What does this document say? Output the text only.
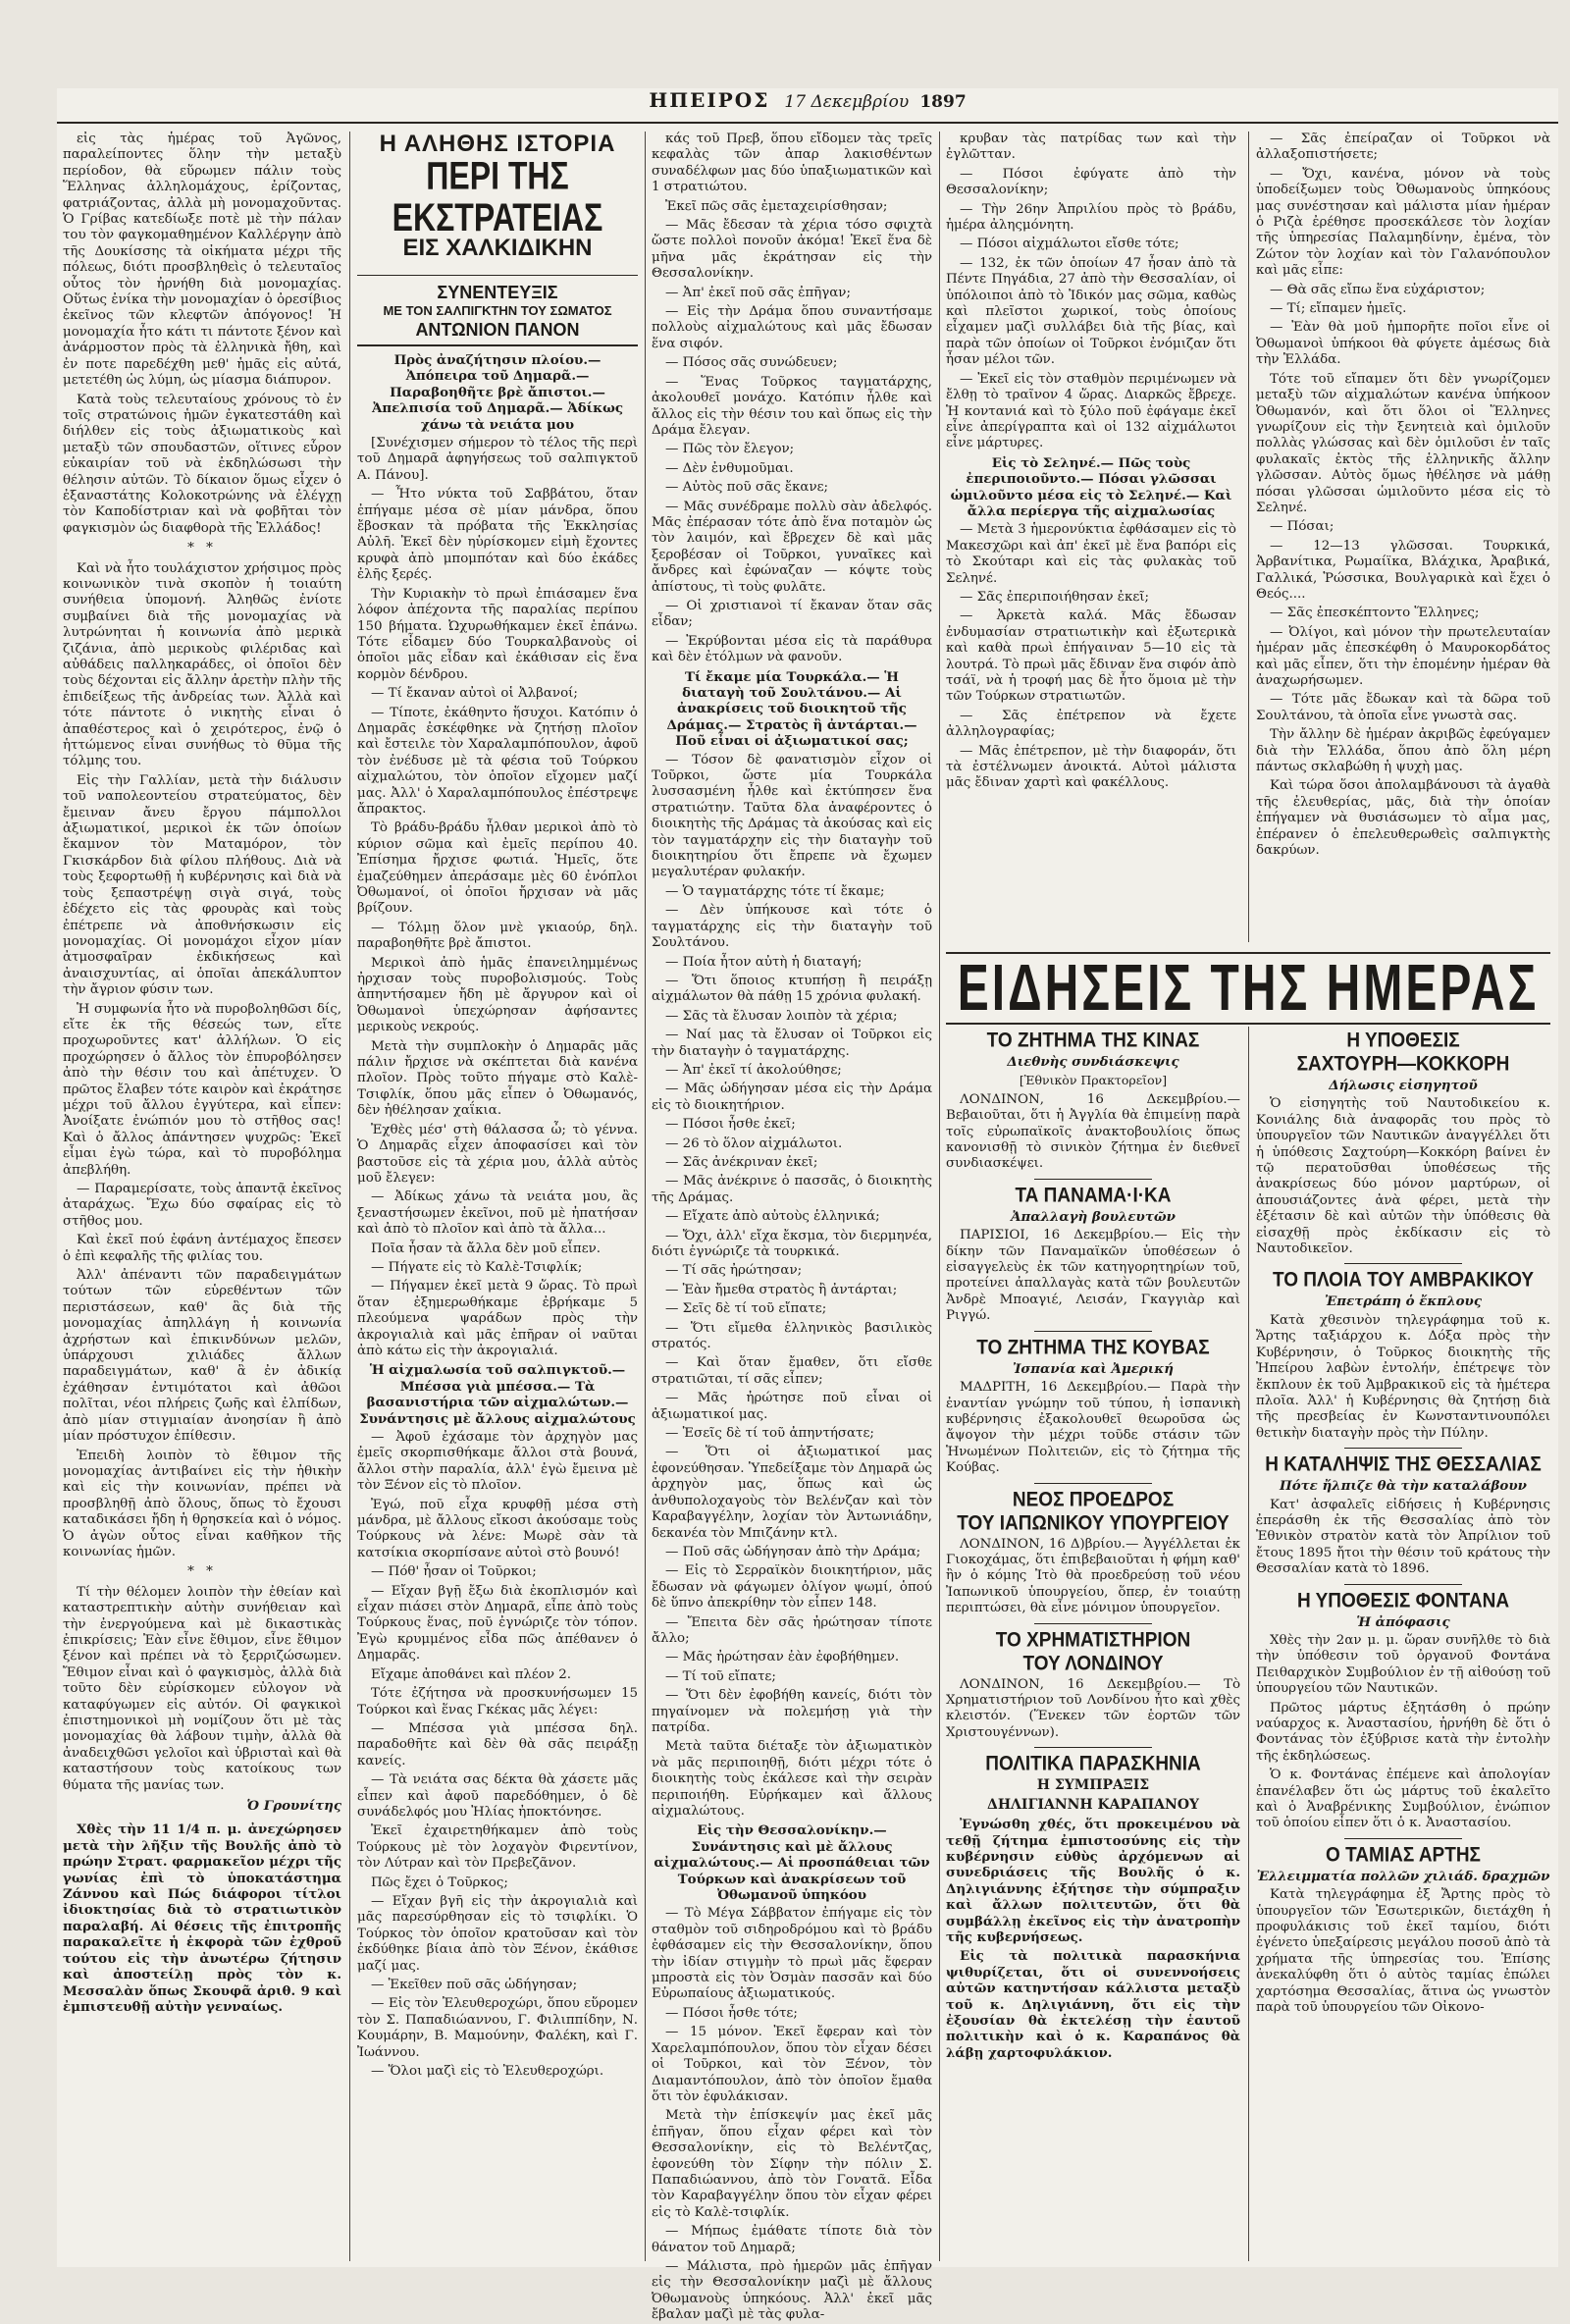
ΗΠΕΙΡΟΣ 17 Δεκεμβρίου 1897

εἰς τὰς ἡμέρας τοῦ Ἀγῶνος, παραλείποντες ὅλην τὴν μεταξὺ περίοδον, θὰ εὕρωμεν πάλιν τοὺς Ἕλληνας ἀλληλομάχους, ἐρίζοντας, φατριάζοντας, ἀλλὰ μὴ μονομαχοῦντας. Ὁ Γρίβας κατεδίωξε ποτὲ μὲ τὴν πάλαν του τὸν φαγκομαθημένον Καλλέργην ἀπὸ τῆς Δουκίσσης τὰ οἰκήματα μέχρι τῆς πόλεως, διότι προσβληθεὶς ὁ τελευταῖος οὗτος τὸν ἠρνήθη διὰ μονομαχίας. Οὕτως ἐνίκα τὴν μονομαχίαν ὁ ὀρεσίβιος ἐκεῖνος τῶν κλεφτῶν ἀπόγονος! Ἡ μονομαχία ἦτο κάτι τι πάντοτε ξένον καὶ ἀνάρμοστον πρὸς τὰ ἑλληνικὰ ἤθη, καὶ ἐν ποτε παρεδέχθη μεθ' ἡμᾶς εἰς αὐτά, μετετέθη ὡς λύμη, ὡς μίασμα διάπυρον.

Κατὰ τοὺς τελευταίους χρόνους τὸ ἐν τοῖς στρατώνοις ἡμῶν ἐγκατεστάθη καὶ διήλθεν εἰς τοὺς ἀξιωματικοὺς καὶ μεταξὺ τῶν σπουδαστῶν, οἵτινες εὗρον εὐκαιρίαν τοῦ νὰ ἐκδηλώσωσι τὴν θέλησιν αὐτῶν. Τὸ δίκαιον ὅμως εἶχεν ὁ ἐξαναστάτης Κολοκοτρώνης νὰ ἐλέγχῃ τὸν Καποδίστριαν καὶ νὰ φοβῆται τὸν φαγκισμὸν ὡς διαφθορὰ τῆς Ἑλλάδος!

* *

Καὶ νὰ ἦτο τουλάχιστον χρήσιμος πρὸς κοινωνικὸν τινὰ σκοπὸν ἡ τοιαύτη συνήθεια ὑπομονή. Ἀληθῶς ἐνίοτε συμβαίνει διὰ τῆς μονομαχίας νὰ λυτρώνηται ἡ κοινωνία ἀπὸ μερικὰ ζιζάνια, ἀπὸ μερικοὺς φιλέριδας καὶ αὐθάδεις παλληκαράδες, οἱ ὁποῖοι δὲν τοὺς δέχονται εἰς ἄλλην ἀρετὴν πλὴν τῆς ἐπιδείξεως τῆς ἀνδρείας των. Ἀλλὰ καὶ τότε πάντοτε ὁ νικητὴς εἶναι ὁ ἀπαθέστερος καὶ ὁ χειρότερος, ἐνῷ ὁ ἡττώμενος εἶναι συνήθως τὸ θῦμα τῆς τόλμης του.

Εἰς τὴν Γαλλίαν, μετὰ τὴν διάλυσιν τοῦ ναπολεοντείου στρατεύματος, δὲν ἔμειναν ἄνευ ἔργου πάμπολλοι ἀξιωματικοί, μερικοὶ ἐκ τῶν ὁποίων ἔκαμνον τὸν Ματαμόρον, τὸν Γκισκάρδον διὰ φίλου πλήθους. Διὰ νὰ τοὺς ξεφορτωθῇ ἡ κυβέρνησις καὶ διὰ νὰ τοὺς ξεπαστρέψῃ σιγὰ σιγά, τοὺς ἐδέχετο εἰς τὰς φρουρὰς καὶ τοὺς ἐπέτρεπε νὰ ἀποθνήσκωσιν εἰς μονομαχίας. Οἱ μονομάχοι εἶχον μίαν ἀτμοσφαῖραν ἐκδικήσεως καὶ ἀναισχυντίας, αἱ ὁποῖαι ἀπεκάλυπτον τὴν ἄγριον φύσιν των.

Ἡ συμφωνία ἦτο νὰ πυροβοληθῶσι δίς, εἴτε ἐκ τῆς θέσεώς των, εἴτε προχωροῦντες κατ' ἀλλήλων. Ὁ εἰς προχώρησεν ὁ ἄλλος τὸν ἐπυροβόλησεν ἀπὸ τὴν θέσιν του καὶ ἀπέτυχεν. Ὁ πρῶτος ἔλαβεν τότε καιρὸν καὶ ἐκράτησε μέχρι τοῦ ἄλλου ἐγγύτερα, καὶ εἶπεν: Ἀνοίξατε ἐνώπιόν μου τὸ στῆθος σας! Καὶ ὁ ἄλλος ἀπάντησεν ψυχρῶς: Ἐκεῖ εἶμαι ἐγὼ τώρα, καὶ τὸ πυροβόλημα ἀπεβλήθη.

— Παραμερίσατε, τοὺς ἀπαντᾷ ἐκεῖνος ἀταράχως. Ἔχω δύο σφαίρας εἰς τὸ στῆθος μου.

Καὶ ἐκεῖ πού ἐφάνη ἀντέμαχος ἔπεσεν ὁ ἐπὶ κεφαλῆς τῆς φιλίας του.

Ἀλλ' ἀπέναντι τῶν παραδειγμάτων τούτων τῶν εὑρεθέντων τῶν περιστάσεων, καθ' ἃς διὰ τῆς μονομαχίας ἀπηλλάγη ἡ κοινωνία ἀχρήστων καὶ ἐπικινδύνων μελῶν, ὑπάρχουσι χιλιάδες ἄλλων παραδειγμάτων, καθ' ἃ ἐν ἀδικίᾳ ἐχάθησαν ἐντιμότατοι καὶ ἀθῶοι πολῖται, νέοι πλήρεις ζωῆς καὶ ἐλπίδων, ἀπὸ μίαν στιγμιαίαν ἀνοησίαν ἢ ἀπὸ μίαν πρόστυχον ἐπίθεσιν.

Ἐπειδὴ λοιπὸν τὸ ἔθιμον τῆς μονομαχίας ἀντιβαίνει εἰς τὴν ἠθικὴν καὶ εἰς τὴν κοινωνίαν, πρέπει νὰ προσβληθῇ ἀπὸ ὅλους, ὅπως τὸ ἔχουσι καταδικάσει ἤδη ἡ θρησκεία καὶ ὁ νόμος. Ὁ ἀγὼν οὗτος εἶναι καθῆκον τῆς κοινωνίας ἡμῶν.

* *

Τί τὴν θέλομεν λοιπὸν τὴν ἐθείαν καὶ καταστρεπτικὴν αὐτὴν συνήθειαν καὶ τὴν ἐνεργούμενα καὶ μὲ δικαστικὰς ἐπικρίσεις; Ἐὰν εἶνε ἔθιμον, εἶνε ἔθιμον ξένον καὶ πρέπει νὰ τὸ ξερριζώσωμεν. Ἔθιμον εἶναι καὶ ὁ φαγκισμὸς, ἀλλὰ διὰ τοῦτο δὲν εὑρίσκομεν εὐλογον νὰ καταφύγωμεν εἰς αὐτόν. Οἱ φαγκικοὶ ἐπιστημονικοὶ μὴ νομίζουν ὅτι μὲ τὰς μονομαχίας θὰ λάβουν τιμὴν, ἀλλὰ θὰ ἀναδειχθῶσι γελοῖοι καὶ ὑβρισταὶ καὶ θὰ καταστήσουν τοὺς κατοίκους των θύματα τῆς μανίας των.

Ὁ Γρουνίτης

Χθὲς τὴν 11 1/4 π. μ. ἀνεχώρησεν μετὰ τὴν λῆξιν τῆς Βουλῆς ἀπὸ τὸ πρώην Στρατ. φαρμακεῖον μέχρι τῆς γωνίας ἐπὶ τὸ ὑποκατάστημα Ζάννου καὶ Πώς διάφοροι τίτλοι ἰδιοκτησίας διὰ τὸ στρατιωτικὸν παραλαβή. Αἱ θέσεις τῆς ἐπιτροπῆς παρακαλεῖτε ἡ ἐκφορὰ τῶν ἐχθροῦ τούτου εἰς τὴν ἀνωτέρω ζήτησιν καὶ ἀποστείλῃ πρὸς τὸν κ. Μεσσαλὰν ὅπως Σκουφᾶ ἀριθ. 9 καὶ ἐμπιστευθῇ αὐτὴν γενναίως.

Η ΑΛΗΘΗΣ ΙΣΤΟΡΙΑ
ΠΕΡΙ ΤΗΣ ΕΚΣΤΡΑΤΕΙΑΣ
ΕΙΣ ΧΑΛΚΙΔΙΚΗΝ
ΣΥΝΕΝΤΕΥΞΙΣ
ΜΕ ΤΟΝ ΣΑΛΠΙΓΚΤΗΝ ΤΟΥ ΣΩΜΑΤΟΣ
ΑΝΤΩΝΙΟΝ ΠΑΝΟΝ

Πρὸς ἀναζήτησιν πλοίου.— Ἀπόπειρα τοῦ Δημαρᾶ.— Παραβοηθῆτε βρὲ ἄπιστοι.— Ἀπελπισία τοῦ Δημαρᾶ.— Ἀδίκως χάνω τὰ νειάτα μου

[Συνέχισμεν σήμερον τὸ τέλος τῆς περὶ τοῦ Δημαρᾶ ἀφηγήσεως τοῦ σαλπιγκτοῦ Α. Πάνου].

— Ἦτο νύκτα τοῦ Σαββάτου, ὅταν ἐπήγαμε μέσα σὲ μίαν μάνδρα, ὅπου ἔβοσκαν τὰ πρόβατα τῆς Ἐκκλησίας Αὐλῆ. Ἐκεῖ δὲν ηὑρίσκομεν εἰμὴ ἔχοντες κρυφὰ ἀπὸ μπομπόταν καὶ δύο ἐκάδες ἐλῆς ξερές.

Τὴν Κυριακὴν τὸ πρωὶ ἐπιάσαμεν ἕνα λόφον ἀπέχοντα τῆς παραλίας περίπου 150 βήματα. Ὠχυρωθήκαμεν ἐκεῖ ἐπάνω. Τότε εἶδαμεν δύο Τουρκαλβανοὺς οἱ ὁποῖοι μᾶς εἶδαν καὶ ἐκάθισαν εἰς ἕνα κορμὸν δένδρου.

— Τί ἔκαναν αὐτοὶ οἱ Ἀλβανοί;

— Τίποτε, ἐκάθηντο ἥσυχοι. Κατόπιν ὁ Δημαρᾶς ἐσκέφθηκε νὰ ζητήσῃ πλοῖον καὶ ἔστειλε τὸν Χαραλαμπόπουλον, ἀφοῦ τὸν ἐνέδυσε μὲ τὰ φέσια τοῦ Τούρκου αἰχμαλώτου, τὸν ὁποῖον εἴχομεν μαζί μας. Ἀλλ' ὁ Χαραλαμπόπουλος ἐπέστρεψε ἄπρακτος.

Τὸ βράδυ-βράδυ ἦλθαν μερικοὶ ἀπὸ τὸ κύριον σῶμα καὶ ἐμεῖς περίπου 40. Ἐπίσημα ἤρχισε φωτιά. Ἡμεῖς, ὅτε ἐμαζεύθημεν ἀπεράσαμε μὲς 60 ἐνόπλοι Ὀθωμανοί, οἱ ὁποῖοι ἤρχισαν νὰ μᾶς βρίζουν.

— Τόλμῃ ὅλον μνὲ γκιαούρ, δηλ. παραβοηθῆτε βρὲ ἄπιστοι.

Μερικοὶ ἀπὸ ἡμᾶς ἐπανειλημμένως ἠρχισαν τοὺς πυροβολισμούς. Τοὺς ἀπηντήσαμεν ἤδη μὲ ἄργυρον καὶ οἱ Ὀθωμανοὶ ὑπεχώρησαν ἀφήσαντες μερικοὺς νεκρούς.

Μετὰ τὴν συμπλοκὴν ὁ Δημαρᾶς μᾶς πάλιν ἤρχισε νὰ σκέπτεται διὰ κανένα πλοῖον. Πρὸς τοῦτο πήγαμε στὸ Καλὲ-Τσιφλίκ, ὅπου μᾶς εἶπεν ὁ Ὀθωμανός, δὲν ἠθέλησαν χαΐκια.

Ἐχθὲς μέσ' στὴ θάλασσα ὦ; τὸ γέννα. Ὁ Δημαρᾶς εἶχεν ἀποφασίσει καὶ τὸν βαστοῦσε εἰς τὰ χέρια μου, ἀλλὰ αὐτὸς μοῦ ἔλεγεν:

— Ἀδίκως χάνω τὰ νειάτα μου, ἂς ξεναστήσωμεν ἐκεῖνοι, ποῦ μὲ ἠπατήσαν καὶ ἀπὸ τὸ πλοῖον καὶ ἀπὸ τὰ ἄλλα...

Ποῖα ἦσαν τὰ ἄλλα δὲν μοῦ εἶπεν.

— Πήγατε εἰς τὸ Καλὲ-Τσιφλίκ;

— Πήγαμεν ἐκεῖ μετὰ 9 ὥρας. Τὸ πρωὶ ὅταν ἐξημερωθήκαμε ἐβρήκαμε 5 πλεούμενα ψαράδων πρὸς τὴν ἀκρογιαλιὰ καὶ μᾶς ἐπῆραν οἱ ναῦται ἀπὸ κάτω εἰς τὴν ἀκρογιαλιά.

Ἡ αἰχμαλωσία τοῦ σαλπιγκτοῦ.— Μπέσσα γιὰ μπέσσα.— Τὰ βασανιστήρια τῶν αἰχμαλώτων.— Συνάντησις μὲ ἄλλους αἰχμαλώτους

— Ἀφοῦ ἐχάσαμε τὸν ἀρχηγὸν μας ἐμεῖς σκορπισθήκαμε ἄλλοι στὰ βουνά, ἄλλοι στὴν παραλία, ἀλλ' ἐγὼ ἔμεινα μὲ τὸν Ξένον εἰς τὸ πλοῖον.

Ἐγώ, ποῦ εἶχα κρυφθῇ μέσα στὴ μάνδρα, μὲ ἄλλους εἴκοσι ἀκούσαμε τοὺς Τούρκους νὰ λένε: Μωρὲ σὰν τὰ κατσίκια σκορπίσανε αὐτοὶ στὸ βουνό!

— Πόθ' ἦσαν οἱ Τοῦρκοι;

— Εἴχαν βγῇ ἔξω διὰ ἐκοπλισμόν καὶ εἶχαν πιάσει στὸν Δημαρᾶ, εἶπε ἀπὸ τοὺς Τούρκους ἕνας, ποῦ ἐγνώριζε τὸν τόπον. Ἐγὼ κρυμμένος εἶδα πῶς ἀπέθανεν ὁ Δημαρᾶς.

Εἴχαμε ἀποθάνει καὶ πλέον 2.

Τότε ἐζήτησα νὰ προσκυνήσωμεν 15 Τούρκοι καὶ ἕνας Γκέκας μᾶς λέγει:

— Μπέσσα γιὰ μπέσσα δηλ. παραδοθῆτε καὶ δὲν θὰ σᾶς πειράξῃ κανείς.

— Τὰ νειάτα σας δέκτα θὰ χάσετε μᾶς εἶπεν καὶ ἀφοῦ παρεδόθημεν, ὁ δὲ συνάδελφός μου Ἠλίας ἠποκτόνησε.

Ἐκεῖ ἐχαιρετηθήκαμεν ἀπὸ τοὺς Τούρκους μὲ τὸν λοχαγὸν Φιρεντίνον, τὸν Λύτραν καὶ τὸν Πρεβεζᾶνον.

Πῶς ἔχει ὁ Τοῦρκος;

— Εἴχαν βγῆ εἰς τὴν ἀκρογιαλιὰ καὶ μᾶς παρεσύρθησαν εἰς τὸ τσιφλίκι. Ὁ Τούρκος τὸν ὁποῖον κρατοῦσαν καὶ τὸν ἐκδύθηκε βίαια ἀπὸ τὸν Ξένον, ἐκάθισε μαζί μας.

— Ἐκεῖθεν ποῦ σᾶς ὡδήγησαν;

— Εἰς τὸν Ἐλευθεροχώρι, ὅπου εὕρομεν τὸν Σ. Παπαδιώαννου, Γ. Φιλιππίδην, Ν. Κουμάρην, Β. Μαμούνην, Φαλέκη, καὶ Γ. Ἰωάννου.

— Ὅλοι μαζὶ εἰς τὸ Ἐλευθεροχώρι.

κάς τοῦ Πρεβ, ὅπου εἴδομεν τὰς τρεῖς κεφαλὰς τῶν ἀπαρ λακισθέντων συναδέλφων μας δύο ὑπαξιωματικῶν καὶ 1 στρατιώτου.

Ἐκεῖ πῶς σᾶς ἐμεταχειρίσθησαν;

— Μᾶς ἔδεσαν τὰ χέρια τόσο σφιχτὰ ὥστε πολλοὶ πονοῦν ἀκόμα! Ἐκεῖ ἕνα δὲ μῆνα μᾶς ἐκράτησαν εἰς τὴν Θεσσαλονίκην.

— Ἀπ' ἐκεῖ ποῦ σᾶς ἐπῆγαν;

— Εἰς τὴν Δράμα ὅπου συναντήσαμε πολλοὺς αἰχμαλώτους καὶ μᾶς ἔδωσαν ἕνα σιφόν.

— Πόσος σᾶς συνώδευεν;

— Ἕνας Τοῦρκος ταγματάρχης, ἀκολουθεῖ μονάχο. Κατόπιν ἦλθε καὶ ἄλλος εἰς τὴν θέσιν του καὶ ὅπως εἰς τὴν Δράμα ἔλεγαν.

— Πῶς τὸν ἔλεγον;

— Δὲν ἐνθυμοῦμαι.

— Αὐτὸς ποῦ σᾶς ἔκανε;

— Μᾶς συνέδραμε πολλὺ σὰν ἀδελφός. Μᾶς ἐπέρασαν τότε ἀπὸ ἕνα ποταμὸν ὡς τὸν λαιμόν, καὶ ἔβρεχεν δὲ καὶ μᾶς ξεροβέσαν οἱ Τοῦρκοι, γυναῖκες καὶ ἄνδρες καὶ ἐφώναζαν — κόψτε τοὺς ἀπίστους, τὶ τοὺς φυλᾶτε.

— Οἱ χριστιανοὶ τί ἔκαναν ὅταν σᾶς εἶδαν;

— Ἐκρύβονται μέσα εἰς τὰ παράθυρα καὶ δὲν ἐτόλμων νὰ φανοῦν.

Τί ἔκαμε μία Τουρκάλα.— Ἡ διαταγὴ τοῦ Σουλτάνου.— Αἱ ἀνακρίσεις τοῦ διοικητοῦ τῆς Δράμας.— Στρατὸς ἢ ἀντάρται.— Ποῦ εἶναι οἱ ἀξιωματικοί σας;

— Τόσον δὲ φανατισμὸν εἶχον οἱ Τοῦρκοι, ὥστε μία Τουρκάλα λυσσασμένη ἦλθε καὶ ἐκτύπησεν ἕνα στρατιώτην. Ταῦτα δλα ἀναφέροντες ὁ διοικητὴς τῆς Δράμας τὰ ἀκούσας καὶ εἰς τὸν ταγματάρχην εἰς τὴν διαταγὴν τοῦ διοικητηρίου ὅτι ἔπρεπε νὰ ἔχωμεν μεγαλυτέραν φυλακήν.

— Ὁ ταγματάρχης τότε τί ἔκαμε;

— Δὲν ὑπήκουσε καὶ τότε ὁ ταγματάρχης εἰς τὴν διαταγὴν τοῦ Σουλτάνου.

— Ποία ἦτον αὐτὴ ἡ διαταγή;

— Ὅτι ὅποιος κτυπήσῃ ἢ πειράξῃ αἰχμάλωτον θὰ πάθῃ 15 χρόνια φυλακή.

— Σᾶς τὰ ἔλυσαν λοιπὸν τὰ χέρια;

— Ναί μας τὰ ἔλυσαν οἱ Τοῦρκοι εἰς τὴν διαταγὴν ὁ ταγματάρχης.

— Ἀπ' ἐκεῖ τί ἀκολούθησε;

— Μᾶς ὡδήγησαν μέσα εἰς τὴν Δράμα εἰς τὸ διοικητήριον.

— Πόσοι ἦσθε ἐκεῖ;

— 26 τὸ ὅλον αἰχμάλωτοι.

— Σᾶς ἀνέκριναν ἐκεῖ;

— Μᾶς ἀνέκρινε ὁ πασσᾶς, ὁ διοικητὴς τῆς Δράμας.

— Εἴχατε ἀπὸ αὐτοὺς ἑλληνικά;

— Ὄχι, ἀλλ' εἴχα ἔκσμα, τὸν διερμηνέα, διότι ἐγνώριζε τὰ τουρκικά.

— Τί σᾶς ἠρώτησαν;

— Ἐὰν ἤμεθα στρατὸς ἢ ἀντάρται;

— Σεῖς δὲ τί τοῦ εἴπατε;

— Ὅτι εἴμεθα ἑλληνικὸς βασιλικὸς στρατός.

— Καὶ ὅταν ἔμαθεν, ὅτι εἴσθε στρατιῶται, τί σᾶς εἶπεν;

— Μᾶς ἠρώτησε ποῦ εἶναι οἱ ἀξιωματικοί μας.

— Ἐσεῖς δὲ τί τοῦ ἀπηντήσατε;

— Ὅτι οἱ ἀξιωματικοί μας ἐφονεύθησαν. Ὑπεδείξαμε τὸν Δημαρᾶ ὡς ἀρχηγὸν μας, ὅπως καὶ ὡς ἀνθυπολοχαγοὺς τὸν Βελένζαν καὶ τὸν Καραβαγγέλην, λοχίαν τὸν Ἀντωνιάδην, δεκανέα τὸν Μπιζάνην κτλ.

— Ποῦ σᾶς ὡδήγησαν ἀπὸ τὴν Δράμα;

— Εἰς τὸ Σερραϊκὸν διοικητήριον, μᾶς ἔδωσαν νὰ φάγωμεν ὀλίγον ψωμί, ὁπού δὲ ὕπνο ἀπεκρίθην τὸν εἶπεν 148.

— Ἔπειτα δὲν σᾶς ἠρώτησαν τίποτε ἄλλο;

— Μᾶς ἠρώτησαν ἐὰν ἐφοβήθημεν.

— Τί τοῦ εἴπατε;

— Ὅτι δὲν ἐφοβήθη κανείς, διότι τὸν πηγαίνομεν νὰ πολεμήσῃ γιὰ τὴν πατρίδα.

Μετὰ ταῦτα διέταξε τὸν ἀξιωματικὸν νὰ μᾶς περιποιηθῇ, διότι μέχρι τότε ὁ διοικητὴς τοὺς ἐκάλεσε καὶ τὴν σειρὰν περιποιήθη. Εὑρήκαμεν καὶ ἄλλους αἰχμαλώτους.

Εἰς τὴν Θεσσαλονίκην.— Συνάντησις καὶ μὲ ἄλλους αἰχμαλώτους.— Αἱ προσπάθειαι τῶν Τούρκων καὶ ἀνακρίσεων τοῦ Ὀθωμανοῦ ὑπηκόου

— Τὸ Μέγα Σάββατον ἐπήγαμε εἰς τὸν σταθμὸν τοῦ σιδηροδρόμου καὶ τὸ βράδυ ἐφθάσαμεν εἰς τὴν Θεσσαλονίκην, ὅπου τὴν ἰδίαν στιγμὴν τὸ πρωὶ μᾶς ἔφεραν μπροστὰ εἰς τὸν Ὀσμὰν πασσᾶν καὶ δύο Εὐρωπαίους ἀξιωματικούς.

— Πόσοι ἦσθε τότε;

— 15 μόνον. Ἐκεῖ ἔφεραν καὶ τὸν Χαρελαμπόπουλον, ὅπου τὸν εἶχαν δέσει οἱ Τοῦρκοι, καὶ τὸν Ξένον, τὸν Διαμαντόπουλον, ἀπὸ τὸν ὁποῖον ἔμαθα ὅτι τὸν ἐφυλάκισαν.

Μετὰ τὴν ἐπίσκεψίν μας ἐκεῖ μᾶς ἐπῆγαν, ὅπου εἶχαν φέρει καὶ τὸν Θεσσαλονίκην, εἰς τὸ Βελέντζας, ἐφονεύθη τὸν Σίφην τὴν πόλιν Σ. Παπαδιώαννου, ἀπὸ τὸν Γονατᾶ. Εἶδα τὸν Καραβαγγέλην ὅπου τὸν εἶχαν φέρει εἰς τὸ Καλὲ-τσιφλίκ.

— Μήπως ἐμάθατε τίποτε διὰ τὸν θάνατον τοῦ Δημαρᾶ;

— Μάλιστα, πρὸ ἡμερῶν μᾶς ἐπῆγαν εἰς τὴν Θεσσαλονίκην μαζὶ μὲ ἄλλους Ὀθωμανοὺς ὑπηκόους. Ἀλλ' ἐκεῖ μᾶς ἔβαλαν μαζὶ μὲ τὰς φυλα-

κρυβαν τὰς πατρίδας των καὶ τὴν ἐγλῶτταν.

— Πόσοι ἐφύγατε ἀπὸ τὴν Θεσσαλονίκην;

— Τὴν 26ην Ἀπριλίου πρὸς τὸ βράδυ, ἡμέρα ἀληςμόνητη.

— Πόσοι αἰχμάλωτοι εἴσθε τότε;

— 132, ἐκ τῶν ὁποίων 47 ἦσαν ἀπὸ τὰ Πέντε Πηγάδια, 27 ἀπὸ τὴν Θεσσαλίαν, οἱ ὑπόλοιποι ἀπὸ τὸ Ἰδικόν μας σῶμα, καθὼς καὶ πλεῖστοι χωρικοί, τοὺς ὁποίους εἶχαμεν μαζὶ συλλάβει διὰ τῆς βίας, καὶ παρὰ τῶν ὁποίων οἱ Τοῦρκοι ἐνόμιζαν ὅτι ἦσαν μέλοι τῶν.

— Ἐκεῖ εἰς τὸν σταθμὸν περιμένωμεν νὰ ἔλθῃ τὸ τραῖνον 4 ὥρας. Διαρκῶς ἔβρεχε. Ἡ κοντανιά καὶ τὸ ξύλο ποῦ ἐφάγαμε ἐκεῖ εἶνε ἀπερίγραπτα καὶ οἱ 132 αἰχμάλωτοι εἶνε μάρτυρες.

Εἰς τὸ Σεληνέ.— Πῶς τοὺς ἐπεριποιοῦντο.— Πόσαι γλῶσσαι ὡμιλοῦντο μέσα εἰς τὸ Σεληνέ.— Καὶ ἄλλα περίεργα τῆς αἰχμαλωσίας

— Μετὰ 3 ἡμερονύκτια ἐφθάσαμεν εἰς τὸ Μακεσχῶρι καὶ ἀπ' ἐκεῖ μὲ ἕνα βαπόρι εἰς τὸ Σκούταρι καὶ εἰς τὰς φυλακὰς τοῦ Σεληνέ.

— Σᾶς ἐπεριποιήθησαν ἐκεῖ;

— Ἀρκετὰ καλά. Μᾶς ἔδωσαν ἐνδυμασίαν στρατιωτικὴν καὶ ἐξωτερικὰ καὶ καθὰ πρωὶ ἐπήγαιναν 5—10 εἰς τὰ λουτρά. Τὸ πρωὶ μᾶς ἔδιναν ἕνα σιφόν ἀπὸ τσάϊ, νὰ ἡ τροφή μας δὲ ἦτο ὅμοια μὲ τὴν τῶν Τούρκων στρατιωτῶν.

— Σᾶς ἐπέτρεπον νὰ ἔχετε ἀλληλογραφίας;

— Μᾶς ἐπέτρεπον, μὲ τὴν διαφοράν, ὅτι τὰ ἐστέλνωμεν ἀνοικτά. Αὐτοὶ μάλιστα μᾶς ἔδιναν χαρτὶ καὶ φακέλλους.

— Σᾶς ἐπείραζαν οἱ Τοῦρκοι νὰ ἀλλαξοπιστήσετε;

— Ὄχι, κανένα, μόνον νὰ τοὺς ὑποδείξωμεν τοὺς Ὀθωμανοὺς ὑπηκόους μας συνέστησαν καὶ μάλιστα μίαν ἡμέραν ὁ Ριζὰ ἐρέθησε προσεκάλεσε τὸν λοχίαν τῆς ὑπηρεσίας Παλαμηδίνην, ἐμένα, τὸν Ζώτον τὸν λοχίαν καὶ τὸν Γαλανόπουλον καὶ μᾶς εἶπε:

— Θὰ σᾶς εἴπω ἕνα εὐχάριστον;

— Τί; εἴπαμεν ἡμεῖς.

— Ἐὰν θὰ μοῦ ἠμπορῆτε ποῖοι εἶνε οἱ Ὀθωμανοὶ ὑπήκοοι θὰ φύγετε ἀμέσως διὰ τὴν Ἑλλάδα.

Τότε τοῦ εἴπαμεν ὅτι δὲν γνωρίζομεν μεταξὺ τῶν αἰχμαλώτων κανένα ὑπήκοον Ὀθωμανόν, καὶ ὅτι ὅλοι οἱ Ἕλληνες γνωρίζουν εἰς τὴν ξενητειὰ καὶ ὁμιλοῦν πολλὰς γλώσσας καὶ δὲν ὁμιλοῦσι ἐν ταῖς φυλακαῖς ἐκτὸς τῆς ἑλληνικῆς ἄλλην γλῶσσαν. Αὐτὸς ὅμως ἠθέλησε νὰ μάθῃ πόσαι γλῶσσαι ὡμιλοῦντο μέσα εἰς τὸ Σεληνέ.

— Πόσαι;

— 12—13 γλῶσσαι. Τουρκικά, Ἀρβανίτικα, Ρωμαίϊκα, Βλάχικα, Ἀραβικά, Γαλλικά, Ῥώσσικα, Βουλγαρικὰ καὶ ἔχει ὁ Θεός....

— Σᾶς ἐπεσκέπτοντο Ἕλληνες;

— Ὀλίγοι, καὶ μόνον τὴν πρωτελευταίαν ἡμέραν μᾶς ἐπεσκέφθη ὁ Μαυροκορδάτος καὶ μᾶς εἶπεν, ὅτι τὴν ἐπομένην ἡμέραν θὰ ἀναχωρήσωμεν.

— Τότε μᾶς ἔδωκαν καὶ τὰ δῶρα τοῦ Σουλτάνου, τὰ ὁποῖα εἶνε γνωστὰ σας.

Τὴν ἄλλην δὲ ἡμέραν ἀκριβῶς ἐφεύγαμεν διὰ τὴν Ἑλλάδα, ὅπου ἀπὸ ὅλη μέρη πάντως σκλαβώθη ἡ ψυχὴ μας.

Καὶ τώρα ὅσοι ἀπολαμβάνουσι τὰ ἀγαθὰ τῆς ἐλευθερίας, μᾶς, διὰ τὴν ὁποίαν ἐπήγαμεν νὰ θυσιάσωμεν τὸ αἷμα μας, ἐπέρανεν ὁ ἐπελευθερωθεὶς σαλπιγκτὴς δακρύων.

ΕΙΔΗΣΕΙΣ ΤΗΣ ΗΜΕΡΑΣ

ΤΟ ΖΗΤΗΜΑ ΤΗΣ ΚΙΝΑΣ

Διεθνὴς συνδιάσκεψις

[Ἐθνικὸν Πρακτορεῖον]

ΛΟΝΔΙΝΟΝ, 16 Δεκεμβρίου.— Βεβαιοῦται, ὅτι ἡ Ἀγγλία θὰ ἐπιμείνῃ παρὰ τοῖς εὐρωπαϊκοῖς ἀνακτοβουλίοις ὅπως κανονισθῇ τὸ σινικὸν ζήτημα ἐν διεθνεῖ συνδιασκέψει.

ΤΑ ΠΑΝΑΜΑ·Ι·ΚΑ

Ἀπαλλαγὴ βουλευτῶν

ΠΑΡΙΣΙΟΙ, 16 Δεκεμβρίου.— Εἰς τὴν δίκην τῶν Παναμαϊκῶν ὑποθέσεων ὁ εἰσαγγελεὺς ἐκ τῶν κατηγορητηρίων τοῦ, προτείνει ἀπαλλαγὰς κατὰ τῶν βουλευτῶν Ἀνδρὲ Μποαγιέ, Λεισάν, Γκαγγιὰρ καὶ Ριγγώ.

ΤΟ ΖΗΤΗΜΑ ΤΗΣ ΚΟΥΒΑΣ

Ἰσπανία καὶ Ἀμερική

ΜΑΔΡΙΤΗ, 16 Δεκεμβρίου.— Παρὰ τὴν ἐναντίαν γνώμην τοῦ τύπου, ἡ ἰσπανικὴ κυβέρνησις ἐξακολουθεῖ θεωροῦσα ὡς ἄψογον τὴν μέχρι τοῦδε στάσιν τῶν Ἡνωμένων Πολιτειῶν, εἰς τὸ ζήτημα τῆς Κούβας.

ΝΕΟΣ ΠΡΟΕΔΡΟΣ

ΤΟΥ ΙΑΠΩΝΙΚΟΥ ΥΠΟΥΡΓΕΙΟΥ

ΛΟΝΔΙΝΟΝ, 16 Δ)βρίου.— Ἀγγέλλεται ἐκ Γιοκοχάμας, ὅτι ἐπιβεβαιοῦται ἡ φήμη καθ' ἣν ὁ κόμης Ἰτὸ θὰ προεδρεύσῃ τοῦ νέου Ἰαπωνικοῦ ὑπουργείου, ὅπερ, ἐν τοιαύτῃ περιπτώσει, θὰ εἶνε μόνιμον ὑπουργεῖον.

ΤΟ ΧΡΗΜΑΤΙΣΤΗΡΙΟΝ

ΤΟΥ ΛΟΝΔΙΝΟΥ

ΛΟΝΔΙΝΟΝ, 16 Δεκεμβρίου.— Τὸ Χρηματιστήριον τοῦ Λονδίνου ἦτο καὶ χθὲς κλειστόν. (Ἕνεκεν τῶν ἑορτῶν τῶν Χριστουγέννων).

ΠΟΛΙΤΙΚΑ ΠΑΡΑΣΚΗΝΙΑ

Η ΣΥΜΠΡΑΞΙΣ

ΔΗΛΙΓΙΑΝΝΗ ΚΑΡΑΠΑΝΟΥ

Ἐγνώσθη χθές, ὅτι προκειμένου νὰ τεθῇ ζήτημα ἐμπιστοσύνης εἰς τὴν κυβέρνησιν εὐθὺς ἀρχόμενων αἱ συνεδριάσεις τῆς Βουλῆς ὁ κ. Δηλιγιάννης ἐξήτησε τὴν σύμπραξιν καὶ ἄλλων πολιτευτῶν, ὅτι θὰ συμβάλλῃ ἐκεῖνος εἰς τὴν ἀνατροπὴν τῆς κυβερνήσεως.

Εἰς τὰ πολιτικὰ παρασκήνια ψιθυρίζεται, ὅτι οἱ συνεννοήσεις αὐτῶν κατηντήσαν κάλλιστα μεταξὺ τοῦ κ. Δηλιγιάννη, ὅτι εἰς τὴν ἐξουσίαν θὰ ἐκτελέσῃ τὴν ἑαυτοῦ πολιτικὴν καὶ ὁ κ. Καραπάνος θὰ λάβῃ χαρτοφυλάκιον.

Η ΥΠΟΘΕΣΙΣ

ΣΑΧΤΟΥΡΗ—ΚΟΚΚΟΡΗ

Δήλωσις εἰσηγητοῦ

Ὁ εἰσηγητὴς τοῦ Ναυτοδικείου κ. Κονιάλης διὰ ἀναφορᾶς του πρὸς τὸ ὑπουργεῖον τῶν Ναυτικῶν ἀναγγέλλει ὅτι ἡ ὑπόθεσις Σαχτούρη—Κοκκόρη βαίνει ἐν τῷ περατοῦσθαι ὑποθέσεως τῆς ἀνακρίσεως δύο μόνον μαρτύρων, οἱ ἀπουσιάζοντες ἀνὰ φέρει, μετὰ τὴν ἐξέτασιν δὲ καὶ αὐτῶν τὴν ὑπόθεσις θὰ εἰσαχθῇ πρὸς ἐκδίκασιν εἰς τὸ Ναυτοδικεῖον.

ΤΟ ΠΛΟΙΑ ΤΟΥ ΑΜΒΡΑΚΙΚΟΥ

Ἐπετράπη ὁ ἔκπλους

Κατὰ χθεσινὸν τηλεγράφημα τοῦ κ. Ἄρτης ταξιάρχου κ. Δόξα πρὸς τὴν Κυβέρνησιν, ὁ Τοῦρκος διοικητὴς τῆς Ἠπείρου λαβὼν ἐντολήν, ἐπέτρεψε τὸν ἔκπλουν ἐκ τοῦ Ἀμβρακικοῦ εἰς τὰ ἡμέτερα πλοῖα. Ἀλλ' ἡ Κυβέρνησις θὰ ζητήσῃ διὰ τῆς πρεσβείας ἐν Κωνσταντινουπόλει θετικὴν διαταγὴν πρὸς τὴν Πύλην.

Η ΚΑΤΑΛΗΨΙΣ ΤΗΣ ΘΕΣΣΑΛΙΑΣ

Πότε ἤλπιζε θὰ τὴν καταλάβουν

Κατ' ἀσφαλεῖς εἰδήσεις ἡ Κυβέρνησις ἐπεράσθη ἐκ τῆς Θεσσαλίας ἀπὸ τὸν Ἐθνικὸν στρατὸν κατὰ τὸν Ἀπρίλιον τοῦ ἔτους 1895 ἤτοι τὴν θέσιν τοῦ κράτους τὴν Θεσσαλίαν κατὰ τὸ 1896.

Η ΥΠΟΘΕΣΙΣ ΦΟΝΤΑΝΑ

Ἡ ἀπόφασις

Χθὲς τὴν 2αν μ. μ. ὥραν συνῆλθε τὸ διὰ τὴν ὑπόθεσιν τοῦ ὀργανοῦ Φοντάνα Πειθαρχικὸν Συμβούλιον ἐν τῇ αἰθούσῃ τοῦ ὑπουργείου τῶν Ναυτικῶν.

Πρῶτος μάρτυς ἐξητάσθη ὁ πρώην ναύαρχος κ. Ἀναστασίου, ἠρνήθη δὲ ὅτι ὁ Φοντάνας τὸν ἐξύβρισε κατὰ τὴν ἐντολὴν τῆς ἐκδηλώσεως.

Ὁ κ. Φοντάνας ἐπέμενε καὶ ἀπολογίαν ἐπανέλαβεν ὅτι ὡς μάρτυς τοῦ ἐκαλεῖτο καὶ ὁ Ἀναβρένικης Συμβούλιον, ἐνώπιον τοῦ ὁποίου εἶπεν ὅτι ὁ κ. Ἀναστασίου.

Ο ΤΑΜΙΑΣ ΑΡΤΗΣ

Ἐλλειμματία πολλῶν χιλιάδ. δραχμῶν

Κατὰ τηλεγράφημα ἐξ Ἄρτης πρὸς τὸ ὑπουργεῖον τῶν Ἐσωτερικῶν, διετάχθη ἡ προφυλάκισις τοῦ ἐκεῖ ταμίου, διότι ἐγένετο ὑπεξαίρεσις μεγάλου ποσοῦ ἀπὸ τὰ χρήματα τῆς ὑπηρεσίας του. Ἐπίσης ἀνεκαλύφθη ὅτι ὁ αὐτὸς ταμίας ἐπώλει χαρτόσημα Θεσσαλίας, ἅτινα ὡς γνωστὸν παρὰ τοῦ ὑπουργείου τῶν Οἰκονο-
